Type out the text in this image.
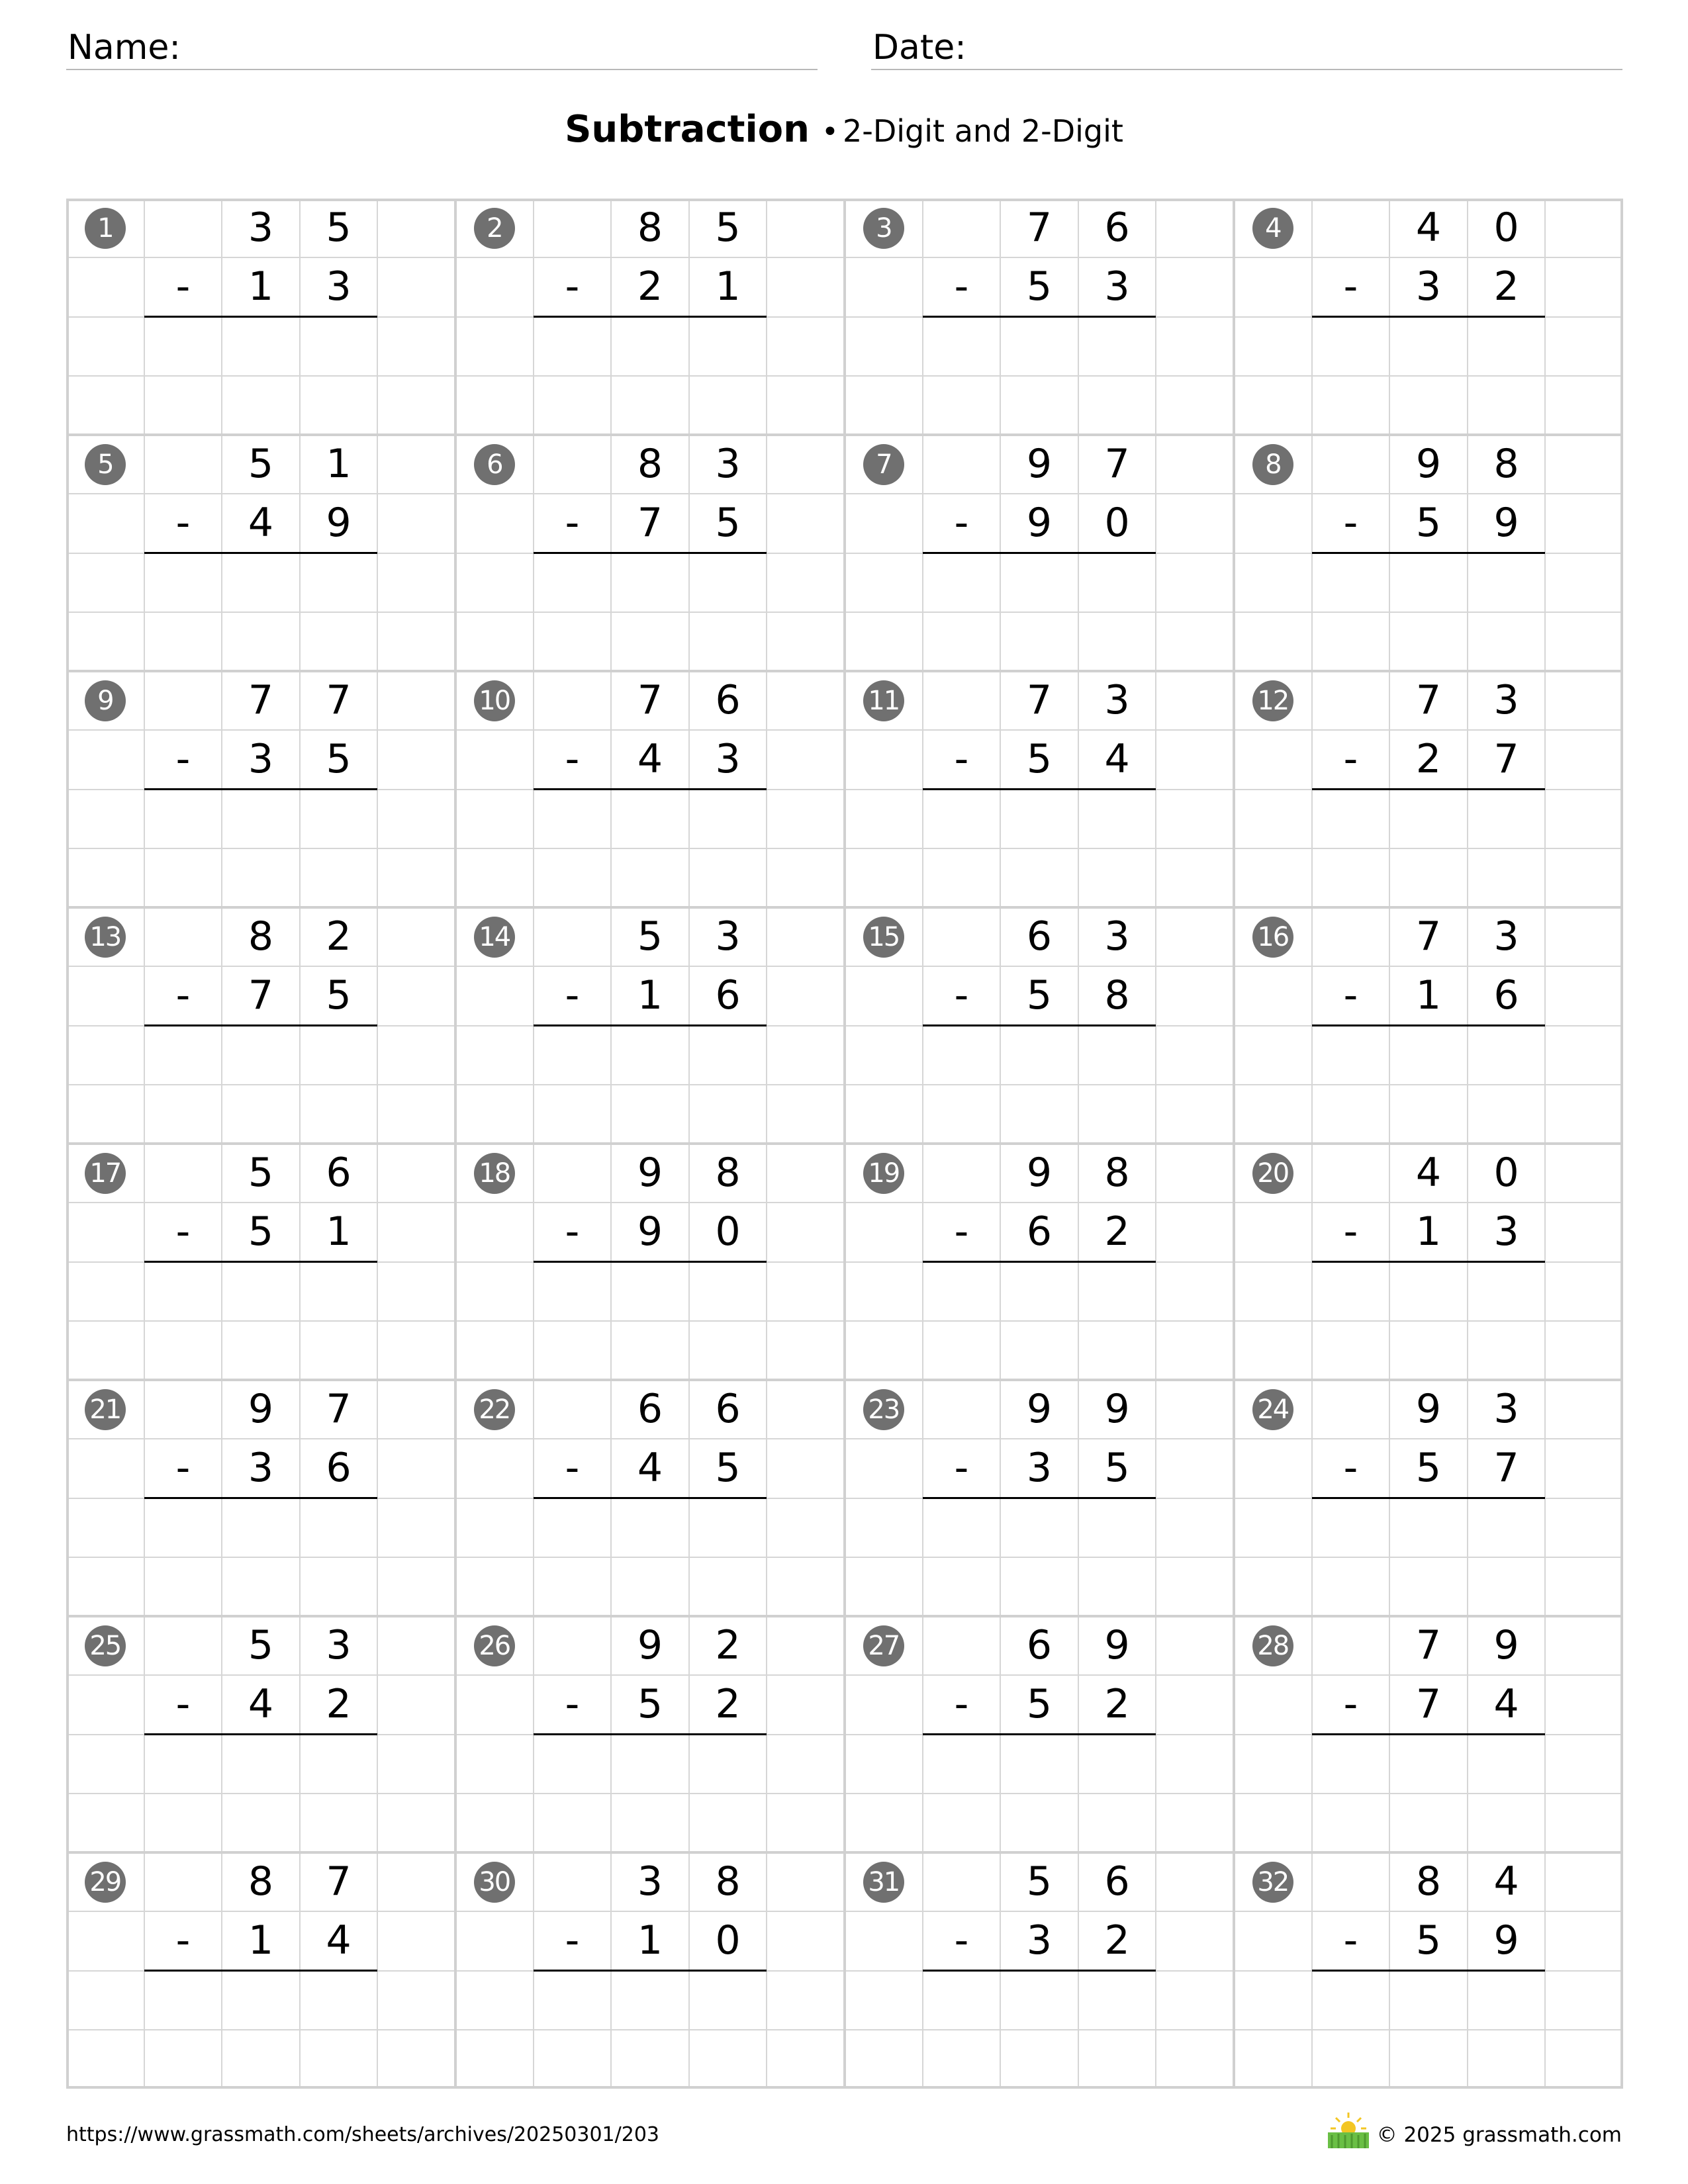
Name:	Date:
Subtraction • 2-Digit and 2-Digit
1	3	5
-	1	3
2	8	5
-	2	1
3	7	6
-	5	3
4	4	0
-	3	2
5	5	1
-	4	9
6	8	3
-	7	5
7	9	7
-	9	0
8	9	8
-	5	9
9	7	7
-	3	5
10	7	6
-	4	3
11	7	3
-	5	4
12	7	3
-	2	7
13	8	2
-	7	5
14	5	3
-	1	6
15	6	3
-	5	8
16	7	3
-	1	6
17	5	6
-	5	1
18	9	8
-	9	0
19	9	8
-	6	2
20	4	0
-	1	3
21	9	7
-	3	6
22	6	6
-	4	5
23	9	9
-	3	5
24	9	3
-	5	7
25	5	3
-	4	2
26	9	2
-	5	2
27	6	9
-	5	2
28	7	9
-	7	4
29	8	7
-	1	4
30	3	8
-	1	0
31	5	6
-	3	2
32	8	4
-	5	9
https://www.grassmath.com/sheets/archives/20250301/203	© 2025 grassmath.com
